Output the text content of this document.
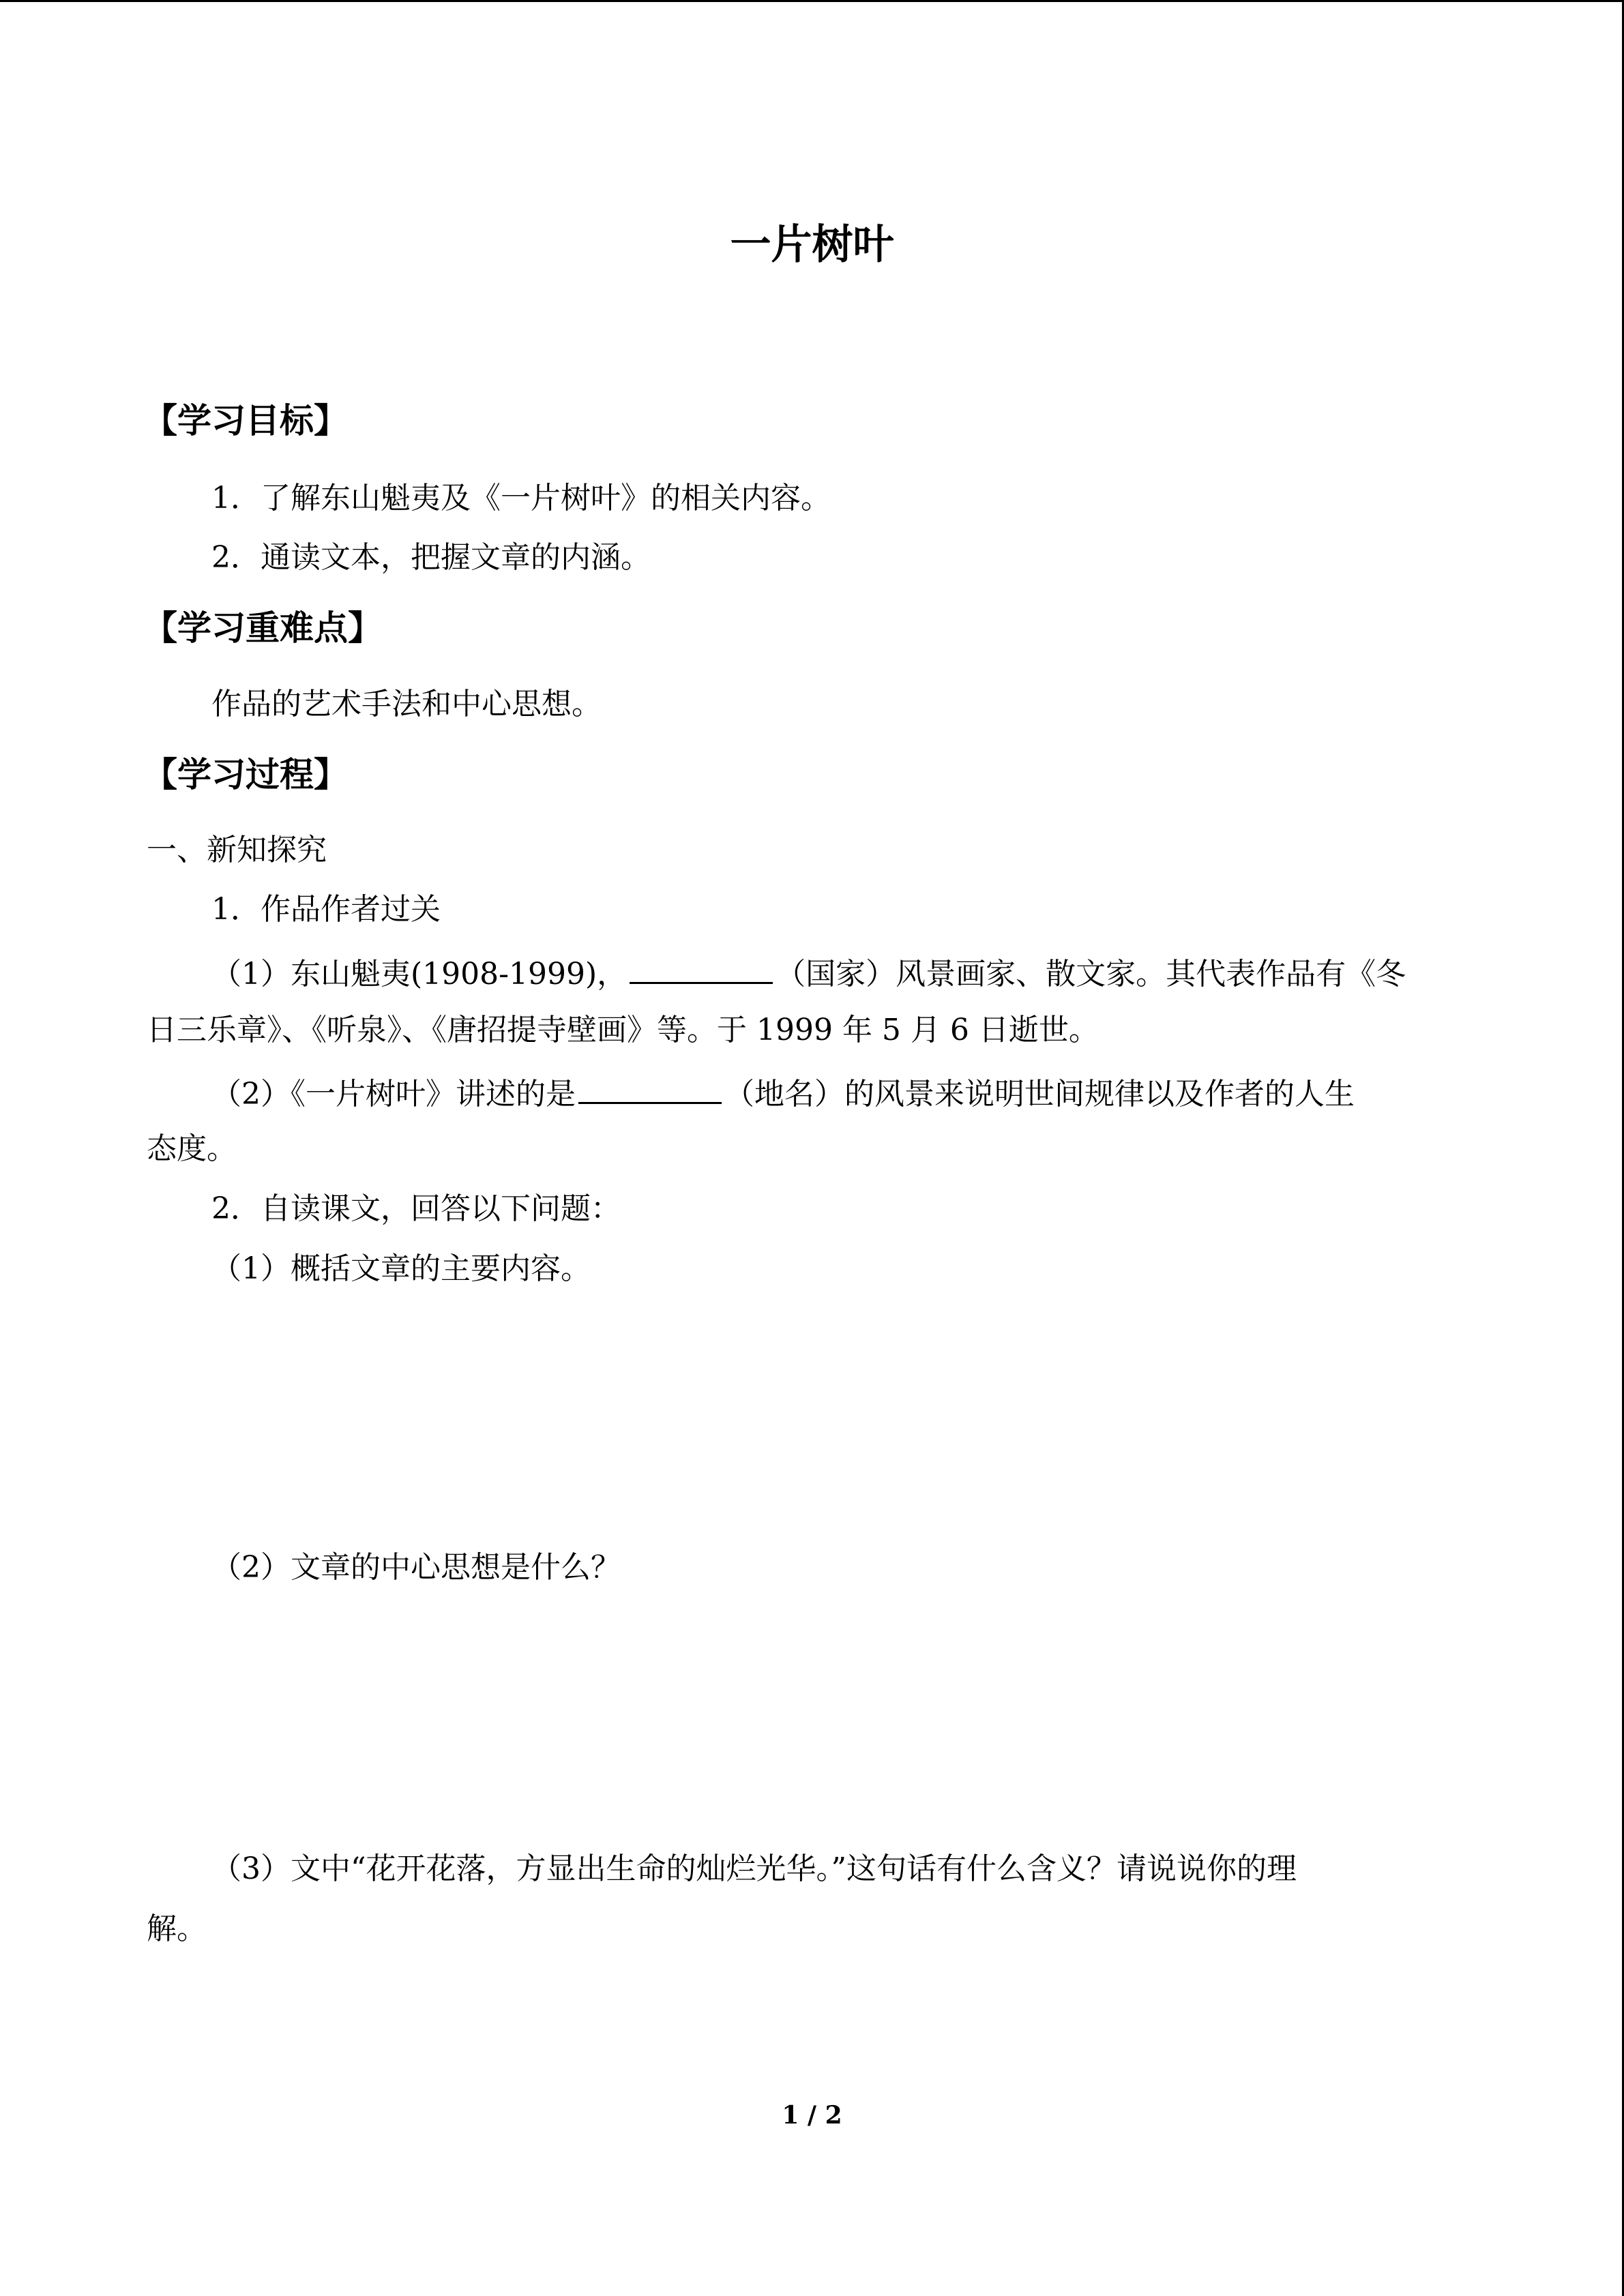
一片树叶
【学习目标】
1．了解东山魁夷及《一片树叶》的相关内容。
2．通读文本，把握文章的内涵。
【学习重难点】
作品的艺术手法和中心思想。
【学习过程】
一、新知探究
1．作品作者过关
（1）东山魁夷(1908-1999)，	（国家）风景画家、散文家。其代表作品有《冬
日三乐章》、《听泉》、《唐招提寺壁画》等。于 1999 年 5 月 6 日逝世。
（2）《一片树叶》讲述的是	（地名）的风景来说明世间规律以及作者的人生
态度。
2．自读课文，回答以下问题：
（1）概括文章的主要内容。
（2）文章的中心思想是什么？
（3）文中“花开花落，方显出生命的灿烂光华。”这句话有什么含义？请说说你的理
解。
1 / 2
